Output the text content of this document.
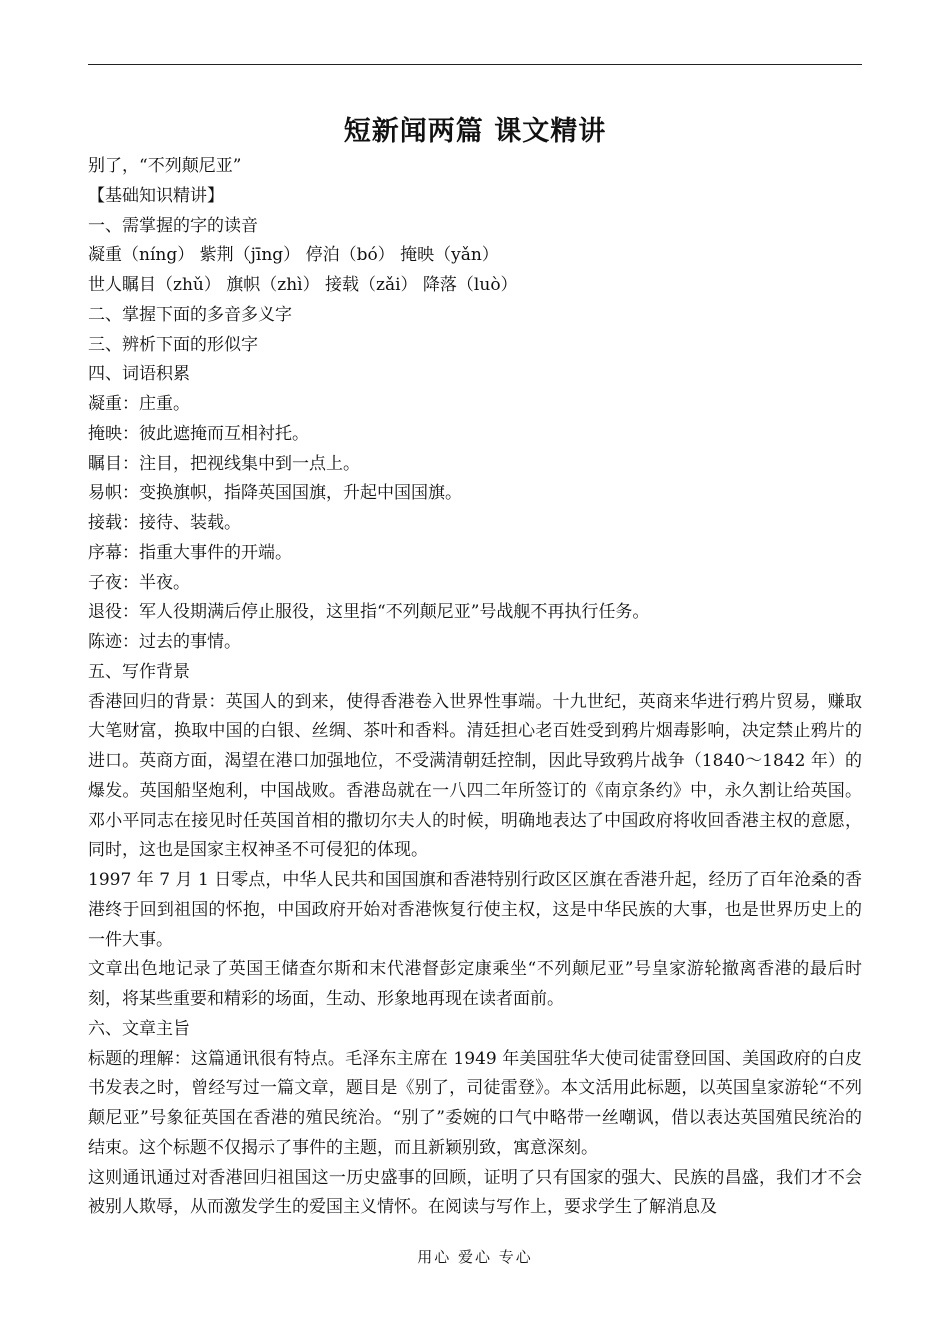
短新闻两篇 课文精讲

别了，“不列颠尼亚”

【基础知识精讲】

一、需掌握的字的读音

凝重（níng） 紫荆（jīng） 停泊（bó） 掩映（yǎn）

世人瞩目（zhǔ） 旗帜（zhì） 接载（zǎi） 降落（luò）

二、掌握下面的多音多义字

三、辨析下面的形似字

四、词语积累

凝重：庄重。

掩映：彼此遮掩而互相衬托。

瞩目：注目，把视线集中到一点上。

易帜：变换旗帜，指降英国国旗，升起中国国旗。

接载：接待、装载。

序幕：指重大事件的开端。

子夜：半夜。

退役：军人役期满后停止服役，这里指“不列颠尼亚”号战舰不再执行任务。

陈迹：过去的事情。

五、写作背景

香港回归的背景：英国人的到来，使得香港卷入世界性事端。十九世纪，英商来华进行鸦片贸易，赚取大笔财富，换取中国的白银、丝绸、茶叶和香料。清廷担心老百姓受到鸦片烟毒影响，决定禁止鸦片的进口。英商方面，渴望在港口加强地位，不受满清朝廷控制，因此导致鸦片战争（1840～1842 年）的爆发。英国船坚炮利，中国战败。香港岛就在一八四二年所签订的《南京条约》中，永久割让给英国。邓小平同志在接见时任英国首相的撒切尔夫人的时候，明确地表达了中国政府将收回香港主权的意愿，同时，这也是国家主权神圣不可侵犯的体现。

1997 年 7 月 1 日零点，中华人民共和国国旗和香港特别行政区区旗在香港升起，经历了百年沧桑的香港终于回到祖国的怀抱，中国政府开始对香港恢复行使主权，这是中华民族的大事，也是世界历史上的一件大事。

文章出色地记录了英国王储查尔斯和末代港督彭定康乘坐“不列颠尼亚”号皇家游轮撤离香港的最后时刻，将某些重要和精彩的场面，生动、形象地再现在读者面前。

六、文章主旨

标题的理解：这篇通讯很有特点。毛泽东主席在 1949 年美国驻华大使司徒雷登回国、美国政府的白皮书发表之时，曾经写过一篇文章，题目是《别了，司徒雷登》。本文活用此标题，以英国皇家游轮“不列颠尼亚”号象征英国在香港的殖民统治。“别了”委婉的口气中略带一丝嘲讽，借以表达英国殖民统治的结束。这个标题不仅揭示了事件的主题，而且新颖别致，寓意深刻。

这则通讯通过对香港回归祖国这一历史盛事的回顾，证明了只有国家的强大、民族的昌盛，我们才不会被别人欺辱，从而激发学生的爱国主义情怀。在阅读与写作上，要求学生了解消息及

用心 爱心 专心
